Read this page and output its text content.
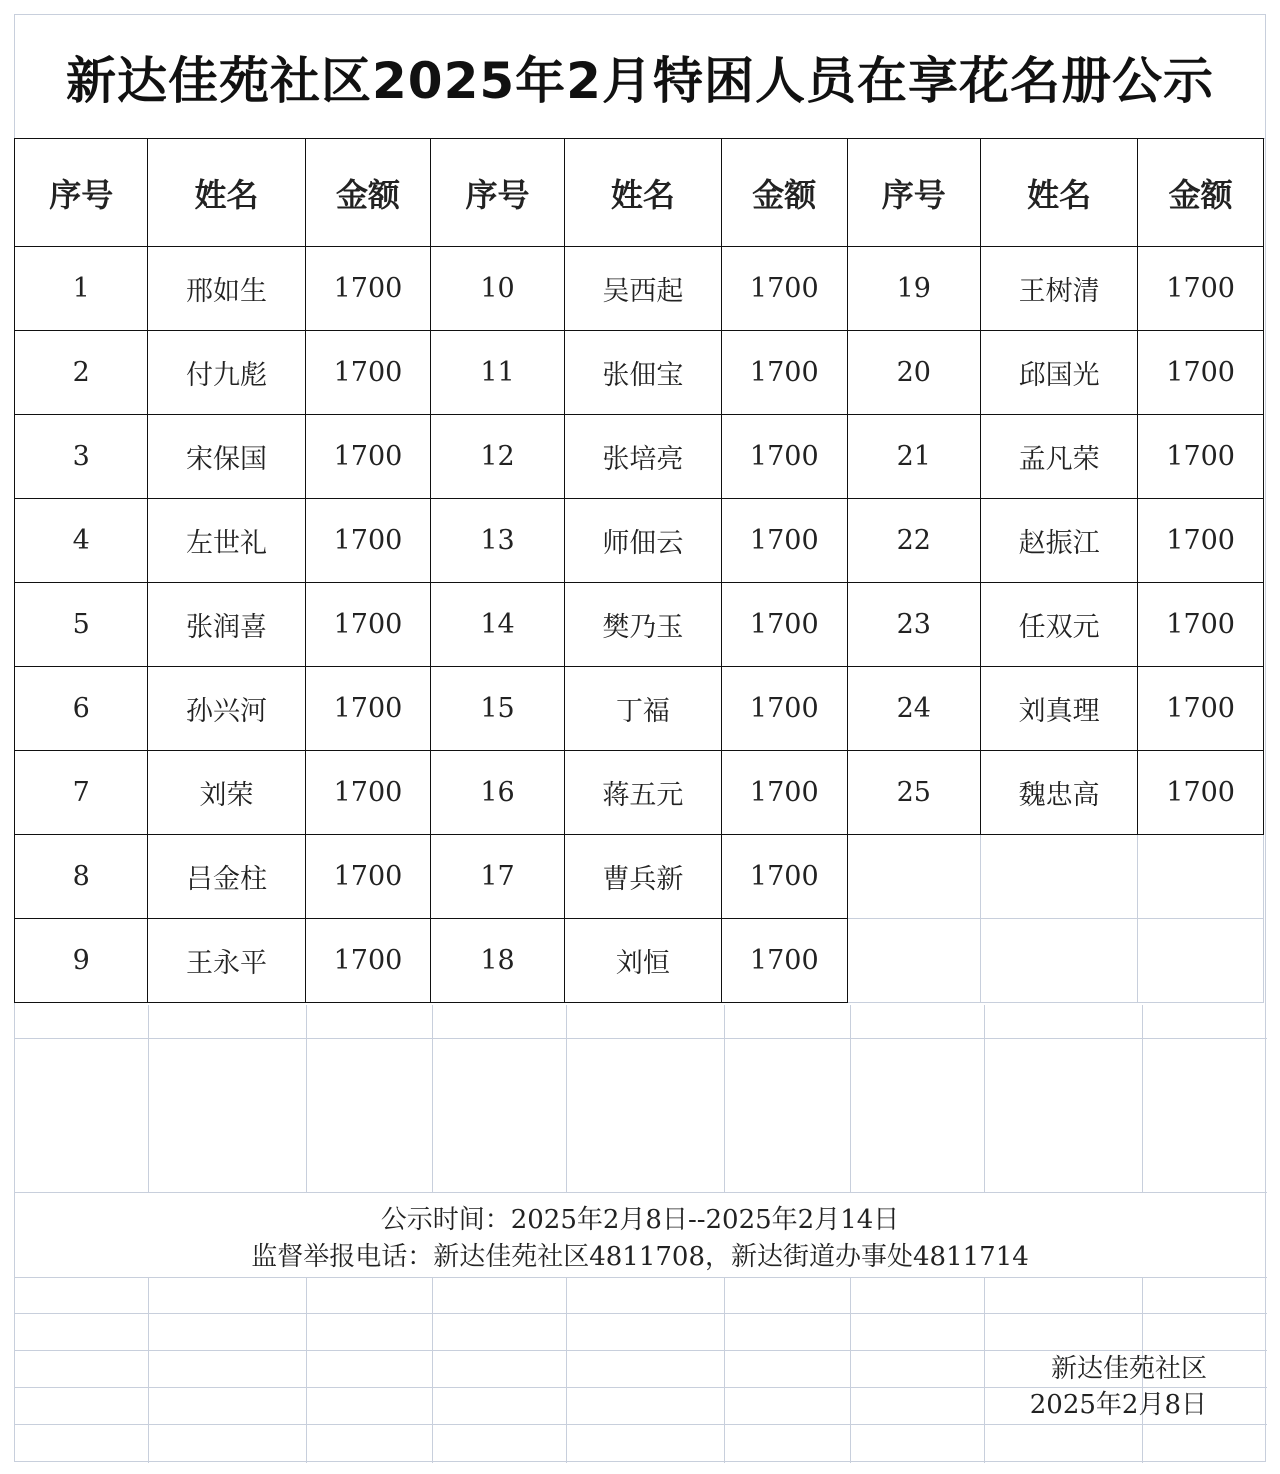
新达佳苑社区2025年2月特困人员在享花名册公示
序号	姓名	金额	序号	姓名	金额	序号	姓名	金额
1	邢如生	1700	10	吴西起	1700	19	王树清	1700
2	付九彪	1700	11	张佃宝	1700	20	邱国光	1700
3	宋保国	1700	12	张培亮	1700	21	孟凡荣	1700
4	左世礼	1700	13	师佃云	1700	22	赵振江	1700
5	张润喜	1700	14	樊乃玉	1700	23	任双元	1700
6	孙兴河	1700	15	丁福	1700	24	刘真理	1700
7	刘荣	1700	16	蒋五元	1700	25	魏忠高	1700
8	吕金柱	1700	17	曹兵新	1700			
9	王永平	1700	18	刘恒	1700			
公示时间：2025年2月8日--2025年2月14日
监督举报电话：新达佳苑社区4811708，新达街道办事处4811714
新达佳苑社区
2025年2月8日
